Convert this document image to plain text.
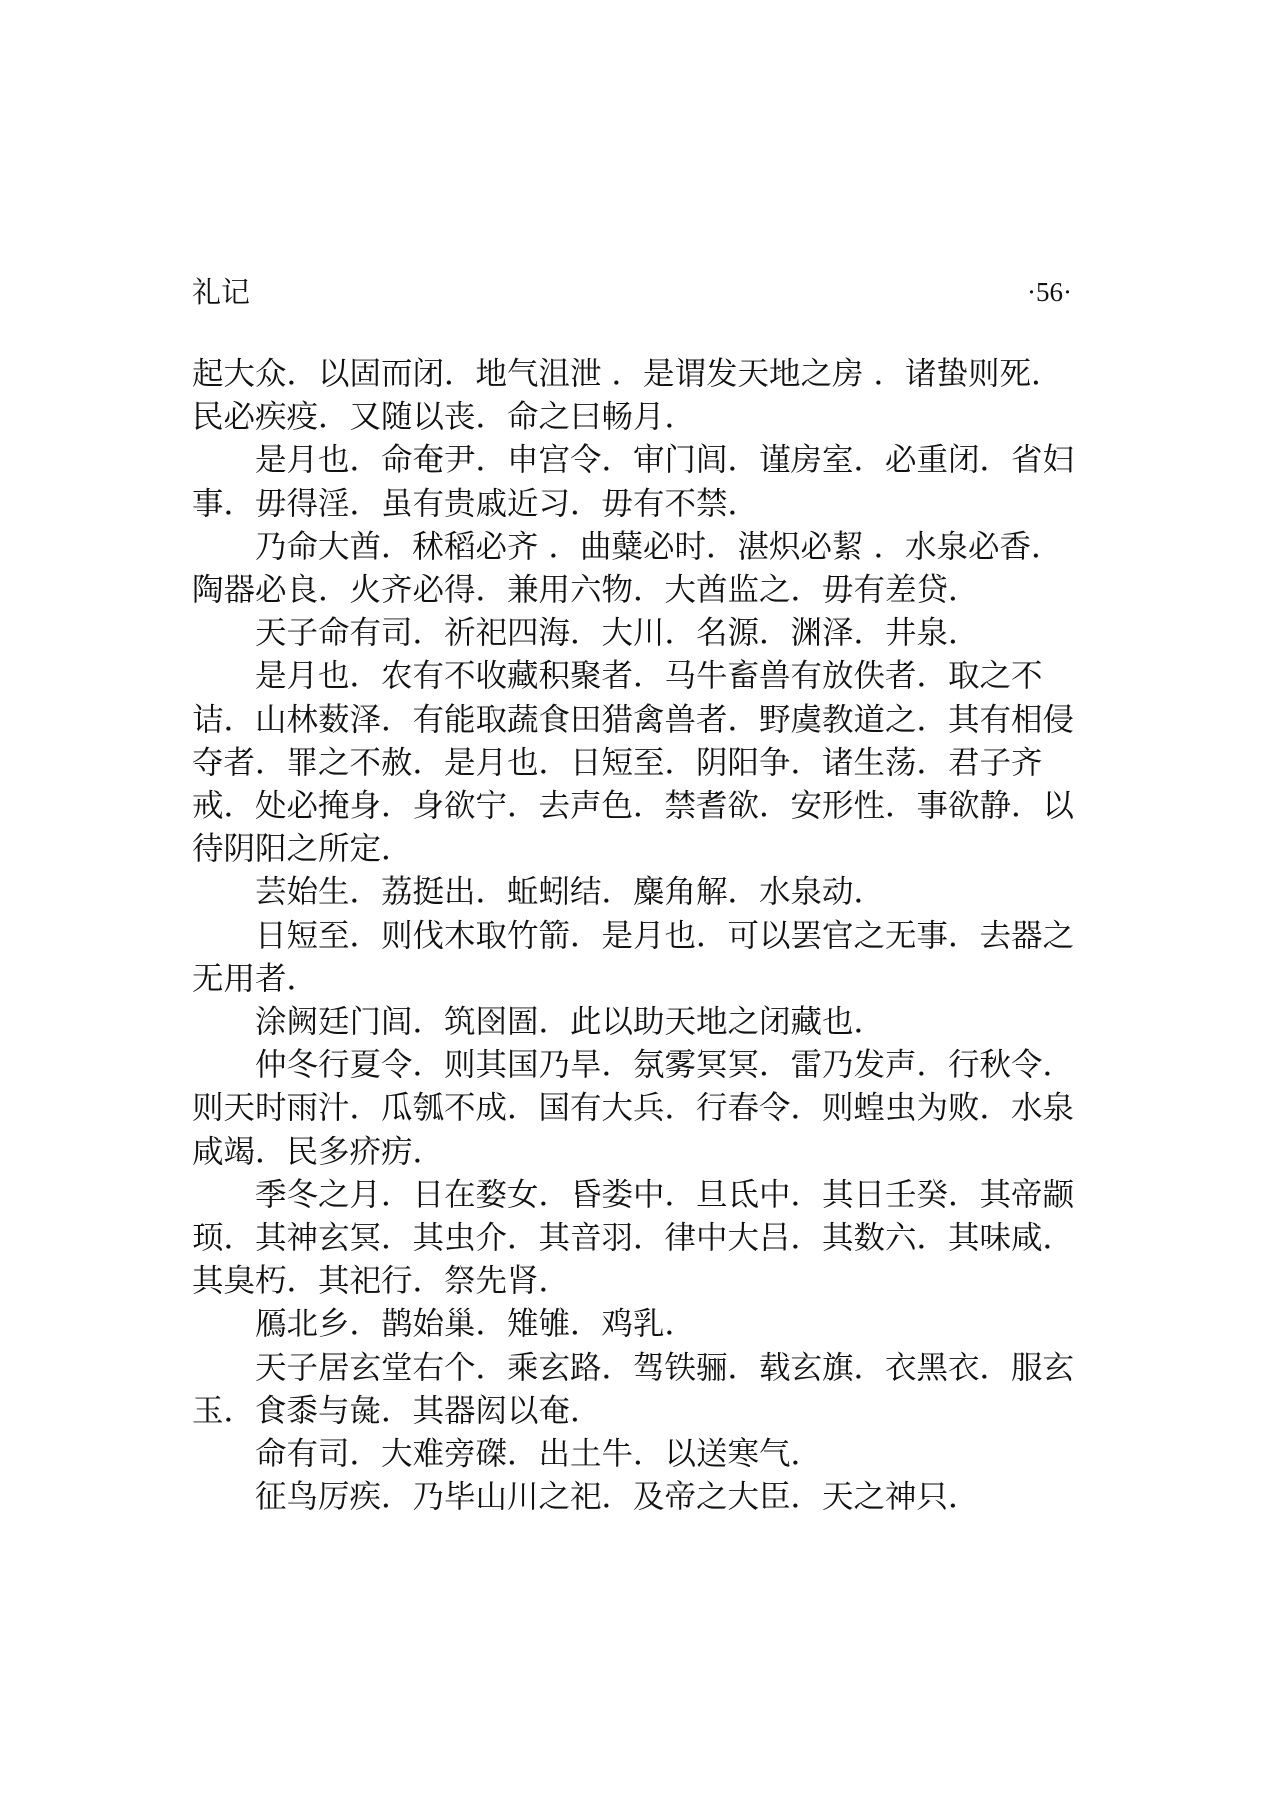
礼记	·56·

起大众．以固而闭．地气沮泄 ．是谓发天地之房 ．诸蛰则死．民必疾疫．又随以丧．命之曰畅月．

是月也．命奄尹．申宫令．审门闾．谨房室．必重闭．省妇事．毋得淫．虽有贵戚近习．毋有不禁．

乃命大酋．秫稻必齐 ．曲糵必时．湛炽必絜 ．水泉必香．陶器必良．火齐必得．兼用六物．大酋监之．毋有差贷．

天子命有司．祈祀四海．大川．名源．渊泽．井泉．

是月也．农有不收藏积聚者．马牛畜兽有放佚者．取之不诘．山林薮泽．有能取蔬食田猎禽兽者．野虞教道之．其有相侵夺者．罪之不赦．是月也．日短至．阴阳争．诸生荡．君子齐戒．处必掩身．身欲宁．去声色．禁耆欲．安形性．事欲静．以待阴阳之所定．

芸始生．荔挺出．蚯蚓结．麋角解．水泉动．

日短至．则伐木取竹箭．是月也．可以罢官之无事．去器之无用者．

涂阙廷门闾．筑囹圄．此以助天地之闭藏也．

仲冬行夏令．则其国乃旱．氛雾冥冥．雷乃发声．行秋令．则天时雨汁．瓜瓠不成．国有大兵．行春令．则蝗虫为败．水泉咸竭．民多疥疠．

季冬之月．日在婺女．昏娄中．旦氐中．其日壬癸．其帝颛顼．其神玄冥．其虫介．其音羽．律中大吕．其数六．其味咸．其臭朽．其祀行．祭先肾．

鴈北乡．鹊始巢．雉雊．鸡乳．

天子居玄堂右个．乘玄路．驾铁骊．载玄旗．衣黑衣．服玄玉．食黍与彘．其器闳以奄．

命有司．大难旁磔．出土牛．以送寒气．

征鸟厉疾．乃毕山川之祀．及帝之大臣．天之神只．
